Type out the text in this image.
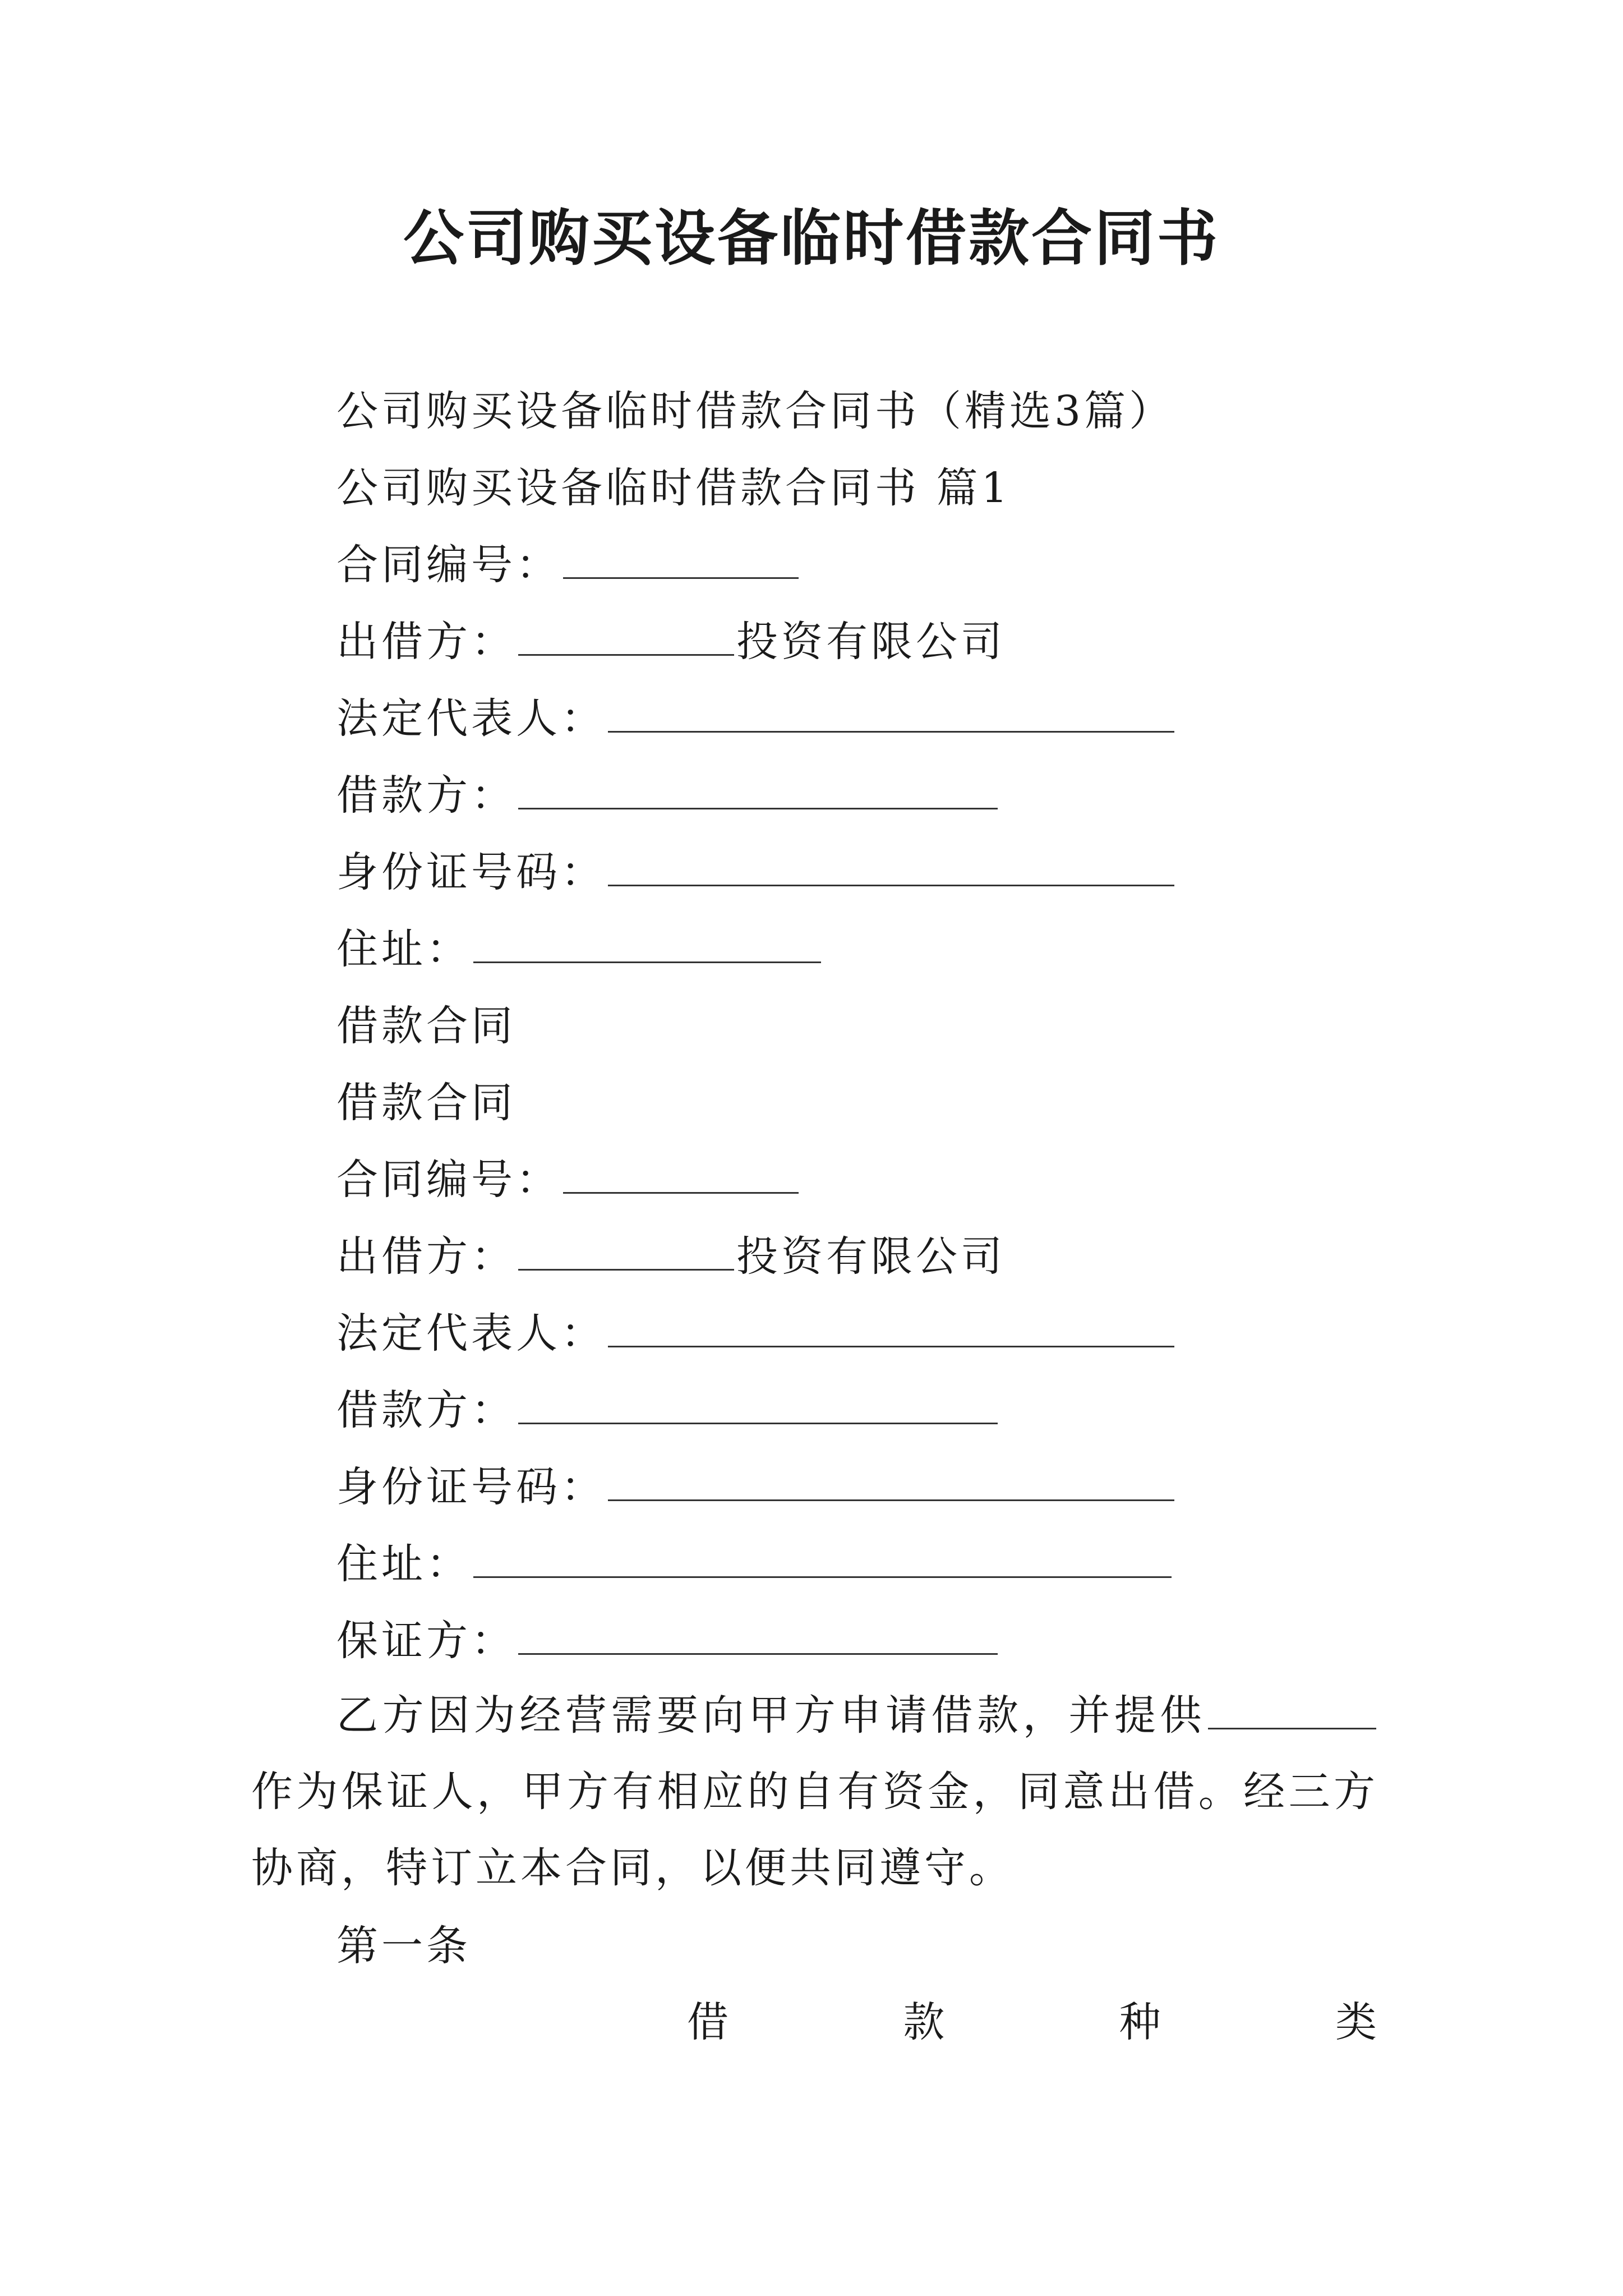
公司购买设备临时借款合同书
公司购买设备临时借款合同书（精选3篇）
公司购买设备临时借款合同书 篇1
合同编号：
出借方：	投资有限公司
法定代表人：
借款方：
身份证号码：
住址：
借款合同
借款合同
合同编号：
出借方：	投资有限公司
法定代表人：
借款方：
身份证号码：
住址：
保证方：
乙方因为经营需要向甲方申请借款，并提供作为保证人，甲方有相应的自有资金，同意出借。经三方协商，特订立本合同，以便共同遵守。
第一条
借	款	种	类
